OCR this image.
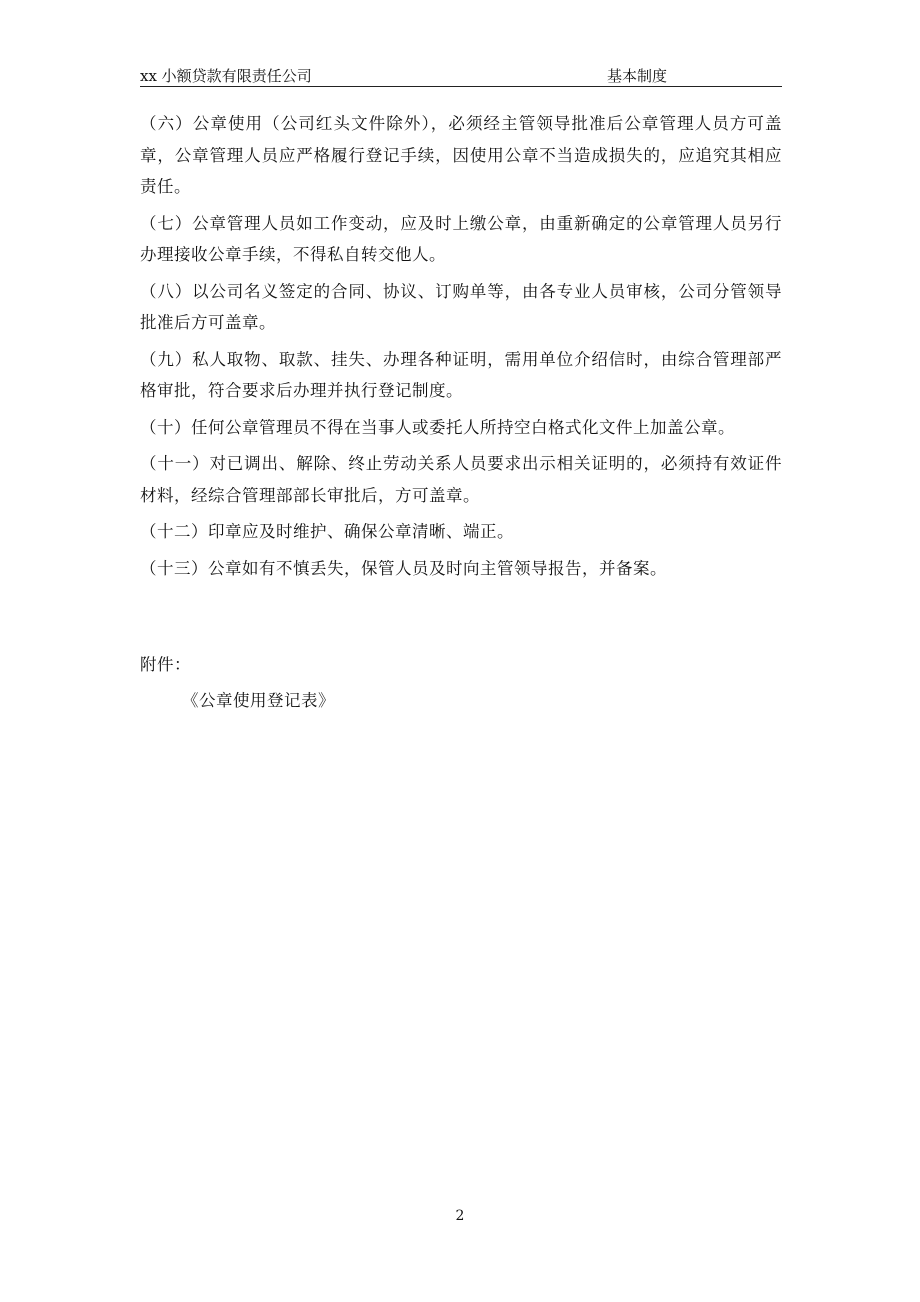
xx 小额贷款有限责任公司	基本制度

（六）公章使用（公司红头文件除外），必须经主管领导批准后公章管理人员方可盖章，公章管理人员应严格履行登记手续，因使用公章不当造成损失的，应追究其相应责任。

（七）公章管理人员如工作变动，应及时上缴公章，由重新确定的公章管理人员另行办理接收公章手续，不得私自转交他人。

（八）以公司名义签定的合同、协议、订购单等，由各专业人员审核，公司分管领导批准后方可盖章。

（九）私人取物、取款、挂失、办理各种证明，需用单位介绍信时，由综合管理部严格审批，符合要求后办理并执行登记制度。

（十）任何公章管理员不得在当事人或委托人所持空白格式化文件上加盖公章。

（十一）对已调出、解除、终止劳动关系人员要求出示相关证明的，必须持有效证件材料，经综合管理部部长审批后，方可盖章。

（十二）印章应及时维护、确保公章清晰、端正。

（十三）公章如有不慎丢失，保管人员及时向主管领导报告，并备案。

附件：

《公章使用登记表》

2
